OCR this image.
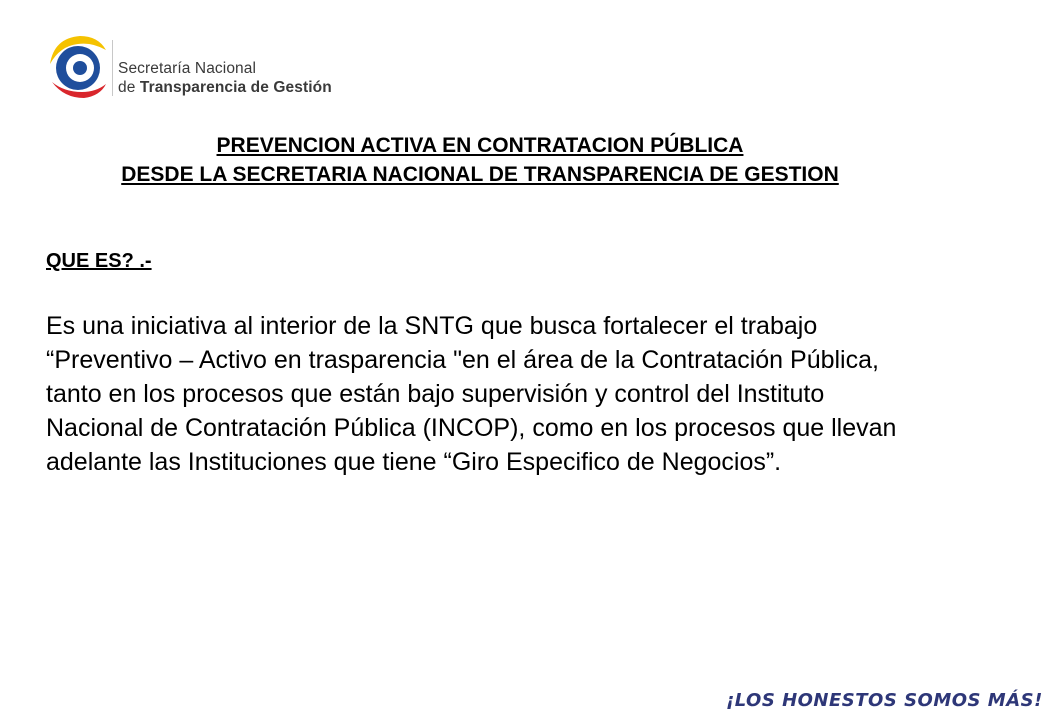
Secretaría Nacional
de Transparencia de Gestión
PREVENCION ACTIVA EN CONTRATACION PÚBLICA
DESDE LA SECRETARIA NACIONAL DE TRANSPARENCIA DE GESTION
QUE ES? .-

Es una iniciativa al interior de la SNTG que busca fortalecer el trabajo “Preventivo – Activo en trasparencia "en el área de la Contratación Pública, tanto en los procesos que están bajo supervisión y control del Instituto Nacional de Contratación Pública (INCOP), como en los procesos que llevan adelante las Instituciones que tiene “Giro Especifico de Negocios”.

¡LOS HONESTOS SOMOS MÁS!
